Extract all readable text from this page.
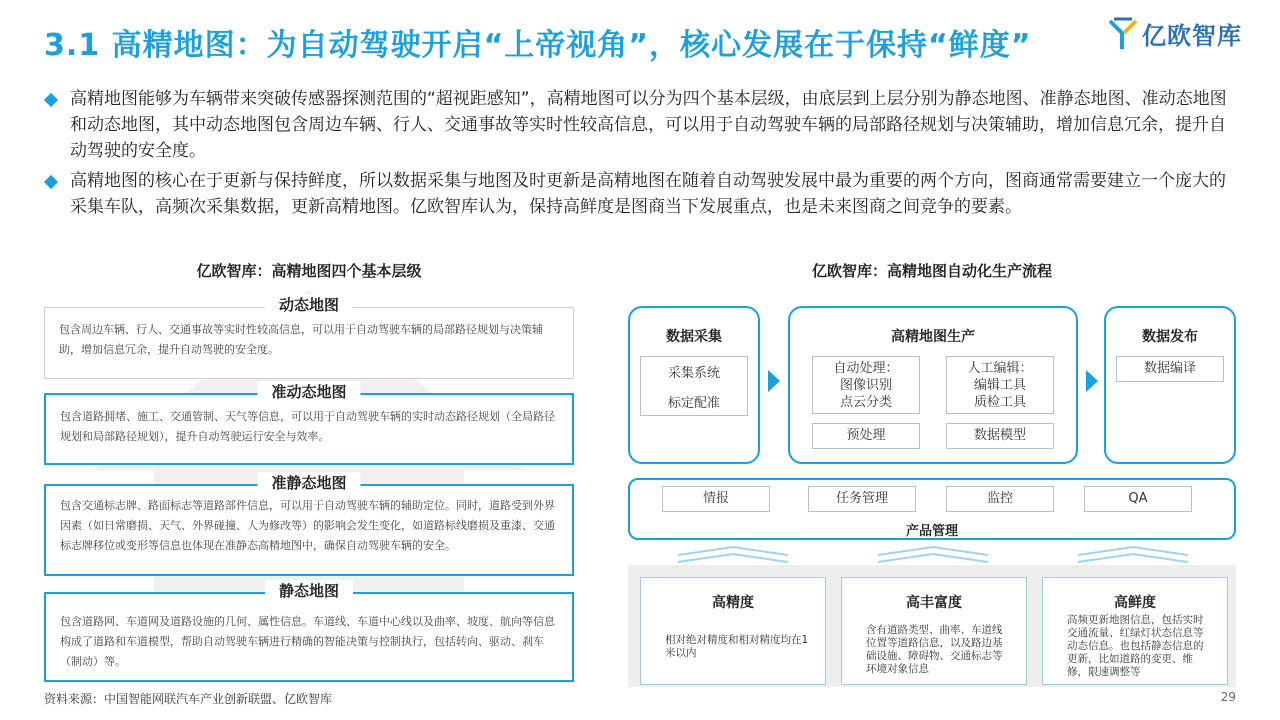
3.1 高精地图：为自动驾驶开启“上帝视角”，核心发展在于保持“鲜度”	亿欧智库
高精地图能够为车辆带来突破传感器探测范围的“超视距感知”，高精地图可以分为四个基本层级，由底层到上层分别为静态地图、准静态地图、准动态地图和动态地图，其中动态地图包含周边车辆、行人、交通事故等实时性较高信息，可以用于自动驾驶车辆的局部路径规划与决策辅助，增加信息冗余，提升自动驾驶的安全度。
高精地图的核心在于更新与保持鲜度，所以数据采集与地图及时更新是高精地图在随着自动驾驶发展中最为重要的两个方向，图商通常需要建立一个庞大的采集车队，高频次采集数据，更新高精地图。亿欧智库认为，保持高鲜度是图商当下发展重点，也是未来图商之间竞争的要素。
亿欧智库：高精地图四个基本层级
动态地图
包含周边车辆、行人、交通事故等实时性较高信息，可以用于自动驾驶车辆的局部路径规划与决策辅助，增加信息冗余，提升自动驾驶的安全度。
准动态地图
包含道路拥堵、施工、交通管制、天气等信息，可以用于自动驾驶车辆的实时动态路径规划（全局路径规划和局部路径规划），提升自动驾驶运行安全与效率。
准静态地图
包含交通标志牌、路面标志等道路部件信息，可以用于自动驾驶车辆的辅助定位。同时，道路受到外界因素（如日常磨损、天气、外界碰撞、人为修改等）的影响会发生变化，如道路标线磨损及重漆、交通标志牌移位或变形等信息也体现在准静态高精地图中，确保自动驾驶车辆的安全。
静态地图
包含道路网、车道网及道路设施的几何、属性信息。车道线、车道中心线以及曲率、坡度、航向等信息构成了道路和车道模型，帮助自动驾驶车辆进行精确的智能决策与控制执行，包括转向、驱动、刹车（制动）等。
亿欧智库：高精地图自动化生产流程
数据采集
采集系统
标定配准
高精地图生产
自动处理：
图像识别
点云分类
人工编辑：
编辑工具
质检工具
预处理	数据模型
数据发布
数据编译
情报	任务管理	监控	QA
产品管理
高精度
相对绝对精度和相对精度均在1米以内
高丰富度
含有道路类型、曲率、车道线位置等道路信息，以及路边基础设施、障碍物、交通标志等环境对象信息
高鲜度
高频更新地图信息，包括实时交通流量、红绿灯状态信息等动态信息。也包括静态信息的更新，比如道路的变更、维修，限速调整等
资料来源：中国智能网联汽车产业创新联盟、亿欧智库	29
